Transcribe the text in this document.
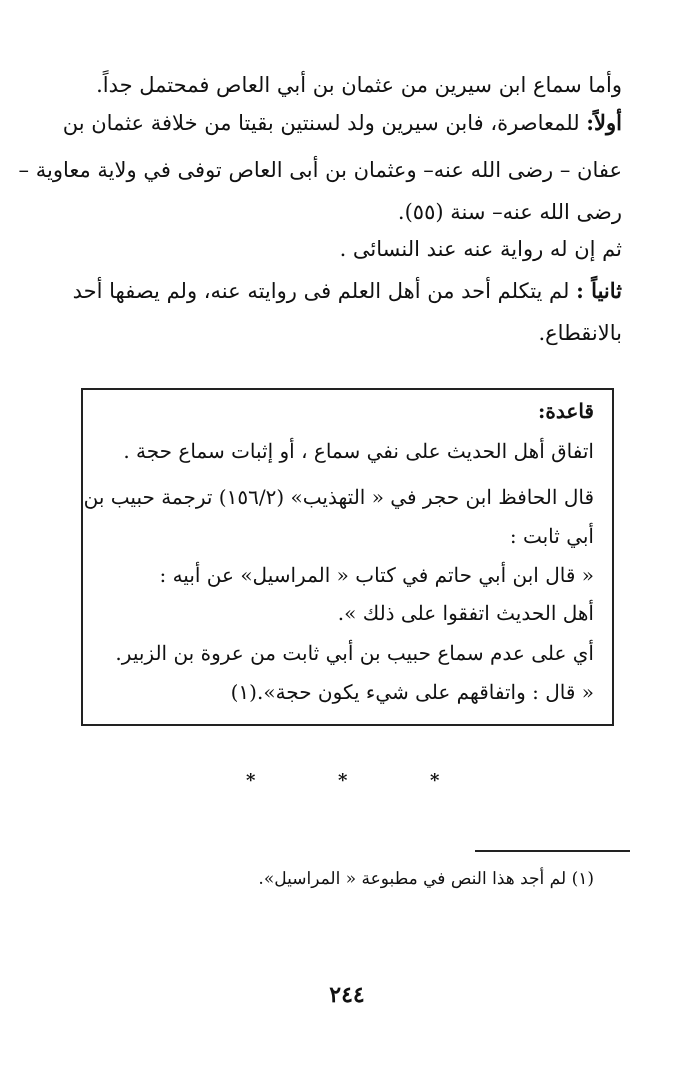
وأما سماع ابن سيرين من عثمان بن أبي العاص فمحتمل جداً.
أولاً: للمعاصرة، فابن سيرين ولد لسنتين بقيتا من خلافة عثمان بن
عفان – رضى الله عنه– وعثمان بن أبى العاص توفى في ولاية معاوية –
رضى الله عنه– سنة (٥٥).
ثم إن له رواية عنه عند النسائى .
ثانياً : لم يتكلم أحد من أهل العلم فى روايته عنه، ولم يصفها أحد
بالانقطاع.
قاعدة:
اتفاق أهل الحديث على نفي سماع ، أو إثبات سماع حجة .
قال الحافظ ابن حجر في « التهذيب» (١٥٦/٢) ترجمة حبيب بن
أبي ثابت :
« قال ابن أبي حاتم في كتاب « المراسيل» عن أبيه :
أهل الحديث اتفقوا على ذلك ».
أي على عدم سماع حبيب بن أبي ثابت من عروة بن الزبير.
« قال : واتفاقهم على شيء يكون حجة».(١)
*	*	*
(١) لم أجد هذا النص في مطبوعة « المراسيل».
٢٤٤
